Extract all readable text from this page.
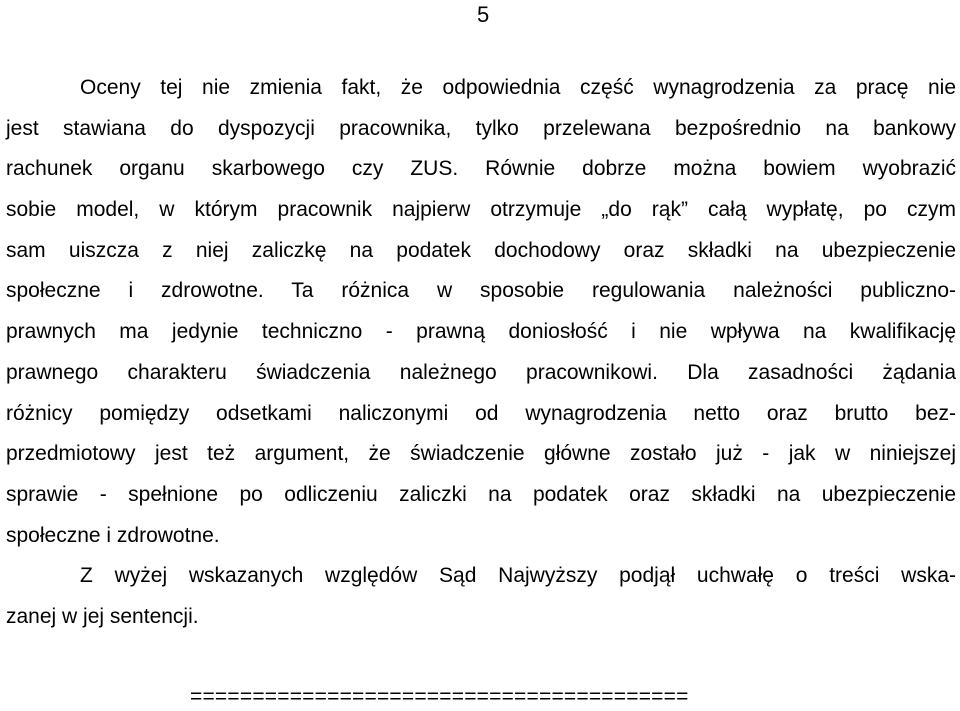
5
Oceny tej nie zmienia fakt, że odpowiednia część wynagrodzenia za pracę nie
jest stawiana do dyspozycji pracownika, tylko przelewana bezpośrednio na bankowy
rachunek organu skarbowego czy ZUS. Równie dobrze można bowiem wyobrazić
sobie model, w którym pracownik najpierw otrzymuje „do rąk” całą wypłatę, po czym
sam uiszcza z niej zaliczkę na podatek dochodowy oraz składki na ubezpieczenie
społeczne i zdrowotne. Ta różnica w sposobie regulowania należności publiczno-
prawnych ma jedynie techniczno - prawną doniosłość i nie wpływa na kwalifikację
prawnego charakteru świadczenia należnego pracownikowi. Dla zasadności żądania
różnicy pomiędzy odsetkami naliczonymi od wynagrodzenia netto oraz brutto bez-
przedmiotowy jest też argument, że świadczenie główne zostało już - jak w niniejszej
sprawie - spełnione po odliczeniu zaliczki na podatek oraz składki na ubezpieczenie
społeczne i zdrowotne.
Z wyżej wskazanych względów Sąd Najwyższy podjął uchwałę o treści wska-
zanej w jej sentencji.
========================================
